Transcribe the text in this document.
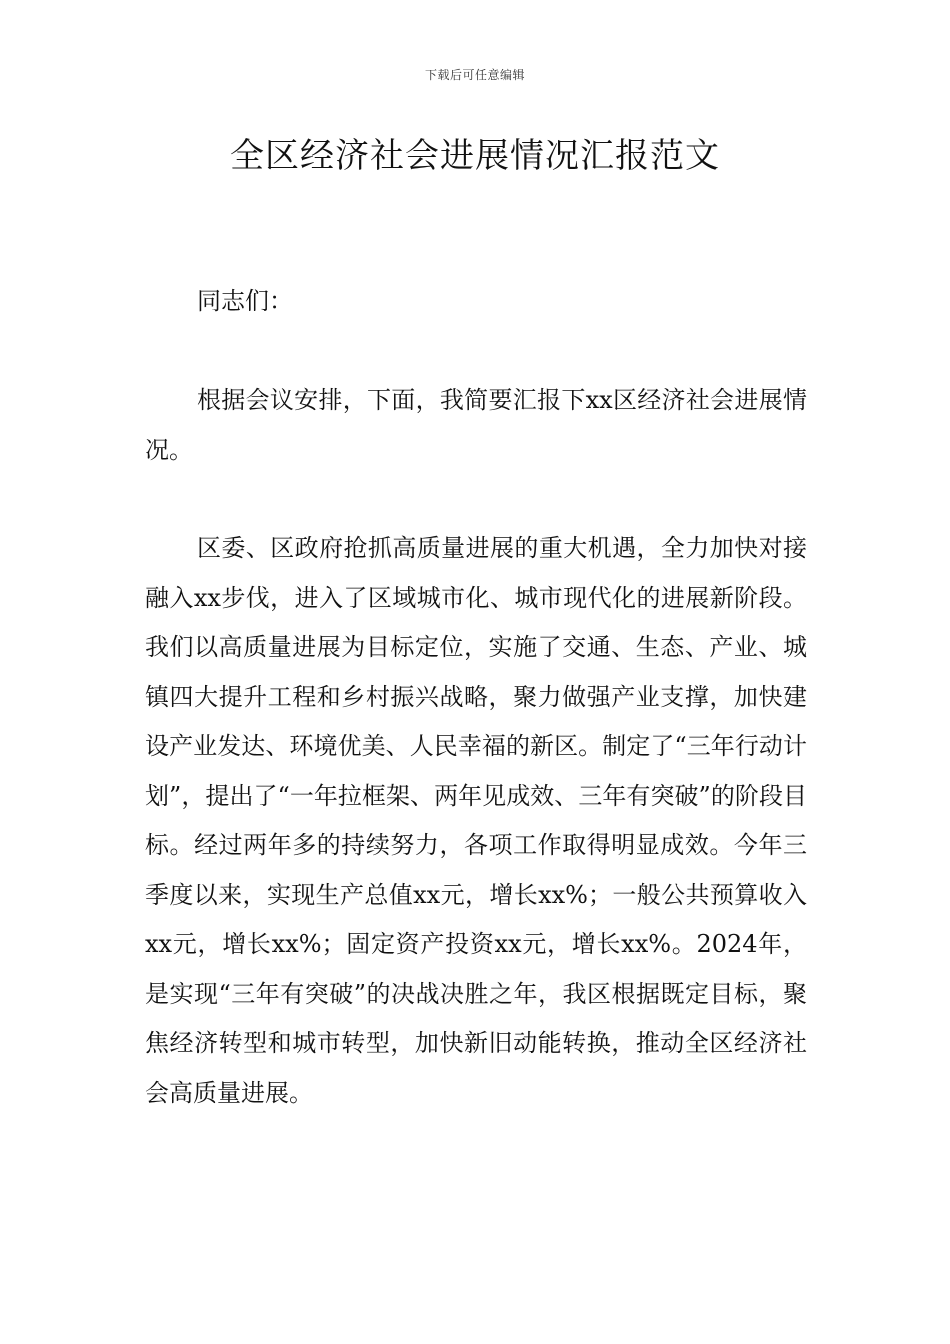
下载后可任意编辑
全区经济社会进展情况汇报范文

同志们：

根据会议安排，下面，我简要汇报下xx区经济社会进展情况。

区委、区政府抢抓高质量进展的重大机遇，全力加快对接融入xx步伐，进入了区域城市化、城市现代化的进展新阶段。我们以高质量进展为目标定位，实施了交通、生态、产业、城镇四大提升工程和乡村振兴战略，聚力做强产业支撑，加快建设产业发达、环境优美、人民幸福的新区。制定了“三年行动计划”，提出了“一年拉框架、两年见成效、三年有突破”的阶段目标。经过两年多的持续努力，各项工作取得明显成效。今年三季度以来，实现生产总值xx元，增长xx%；一般公共预算收入xx元，增长xx%；固定资产投资xx元，增长xx%。2024年，是实现“三年有突破”的决战决胜之年，我区根据既定目标，聚焦经济转型和城市转型，加快新旧动能转换，推动全区经济社会高质量进展。
